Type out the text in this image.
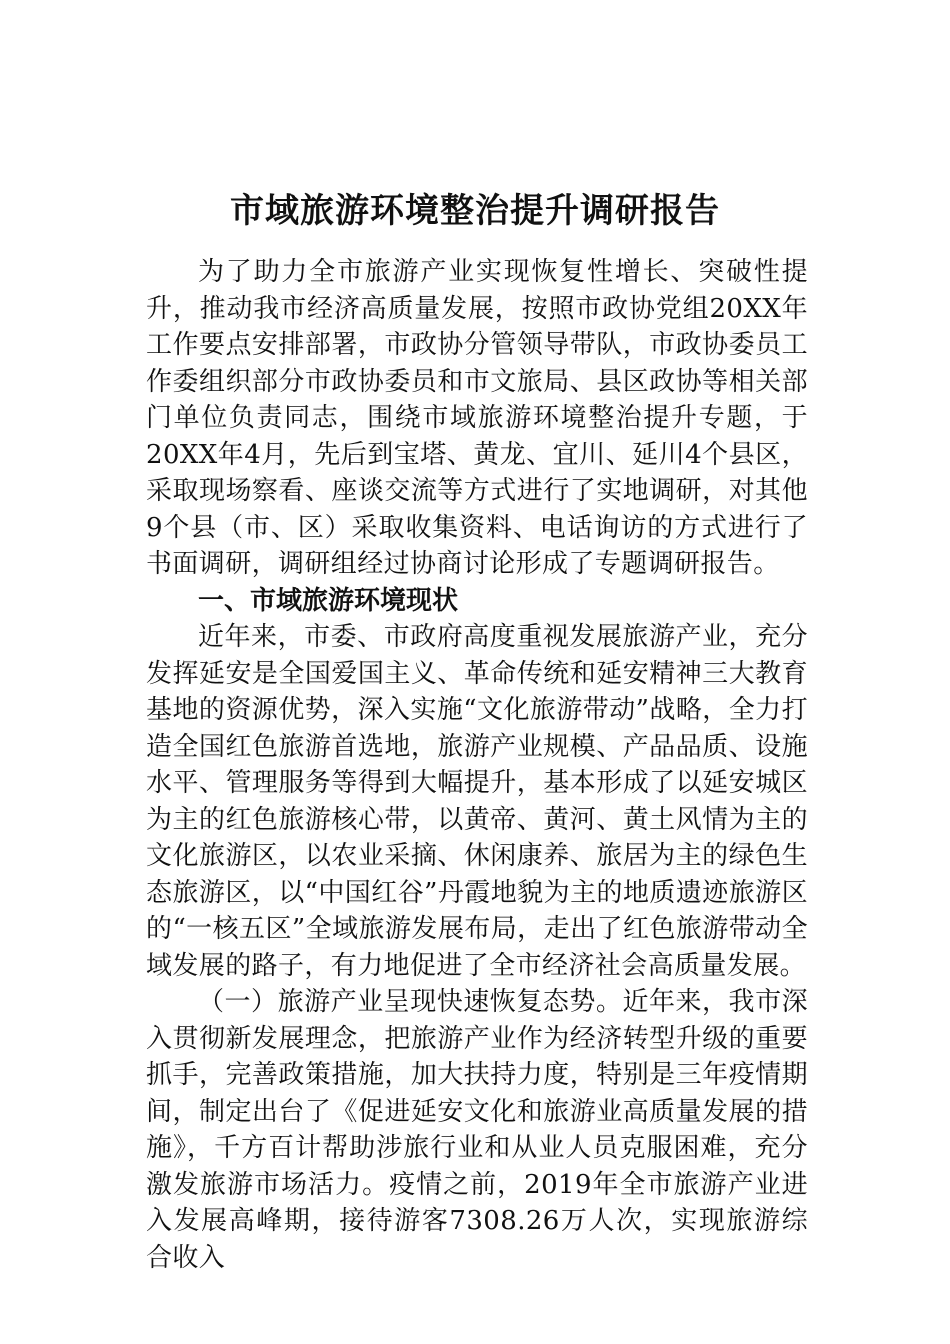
市域旅游环境整治提升调研报告

为了助力全市旅游产业实现恢复性增长、突破性提升，推动我市经济高质量发展，按照市政协党组20XX年工作要点安排部署，市政协分管领导带队，市政协委员工作委组织部分市政协委员和市文旅局、县区政协等相关部门单位负责同志，围绕市域旅游环境整治提升专题，于20XX年4月，先后到宝塔、黄龙、宜川、延川4个县区，采取现场察看、座谈交流等方式进行了实地调研，对其他9个县（市、区）采取收集资料、电话询访的方式进行了书面调研，调研组经过协商讨论形成了专题调研报告。

一、市域旅游环境现状

近年来，市委、市政府高度重视发展旅游产业，充分发挥延安是全国爱国主义、革命传统和延安精神三大教育基地的资源优势，深入实施“文化旅游带动”战略，全力打造全国红色旅游首选地，旅游产业规模、产品品质、设施水平、管理服务等得到大幅提升，基本形成了以延安城区为主的红色旅游核心带，以黄帝、黄河、黄土风情为主的文化旅游区，以农业采摘、休闲康养、旅居为主的绿色生态旅游区，以“中国红谷”丹霞地貌为主的地质遗迹旅游区的“一核五区”全域旅游发展布局，走出了红色旅游带动全域发展的路子，有力地促进了全市经济社会高质量发展。

（一）旅游产业呈现快速恢复态势。近年来，我市深入贯彻新发展理念，把旅游产业作为经济转型升级的重要抓手，完善政策措施，加大扶持力度，特别是三年疫情期间，制定出台了《促进延安文化和旅游业高质量发展的措施》，千方百计帮助涉旅行业和从业人员克服困难，充分激发旅游市场活力。疫情之前，2019年全市旅游产业进入发展高峰期，接待游客7308.26万人次，实现旅游综合收入
